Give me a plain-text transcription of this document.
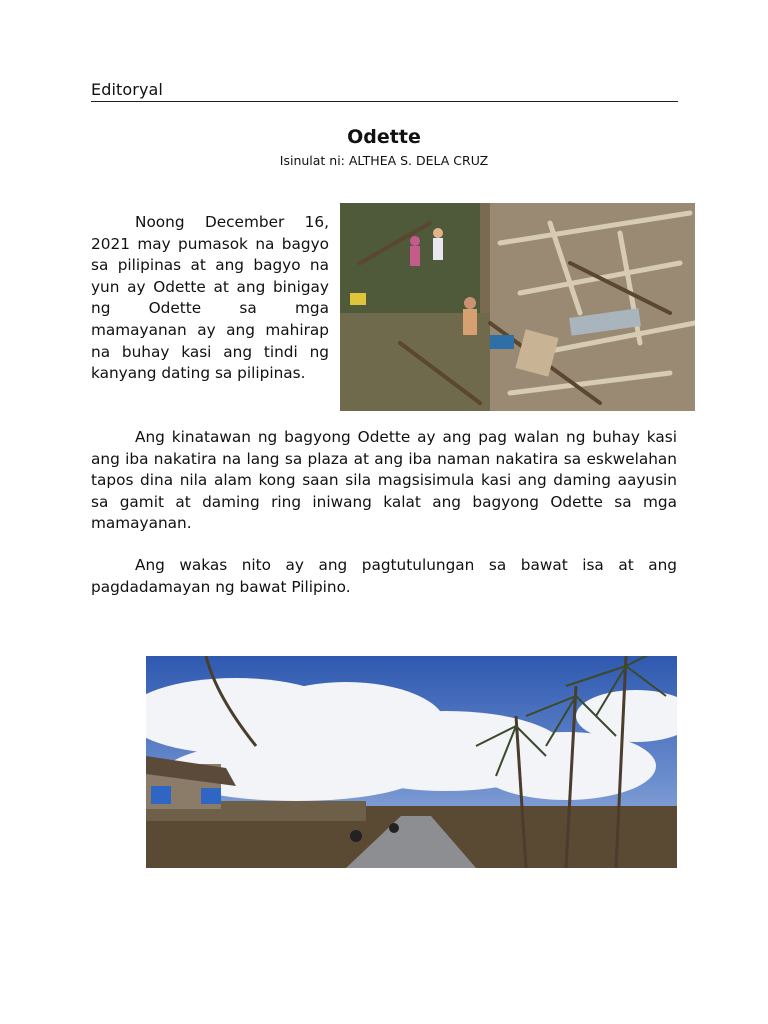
Editoryal
Odette
Isinulat ni: ALTHEA S. DELA CRUZ

Noong December 16, 2021 may pumasok na bagyo sa pilipinas at ang bagyo na yun ay Odette at ang binigay ng Odette sa mga mamayanan ay ang mahirap na buhay kasi ang tindi ng kanyang dating sa pilipinas.

Ang kinatawan ng bagyong Odette ay ang pag walan ng buhay kasi ang iba nakatira na lang sa plaza at ang iba naman nakatira sa eskwelahan tapos dina nila alam kong saan sila magsisimula kasi ang daming aayusin sa gamit at daming ring iniwang kalat ang bagyong Odette sa mga mamayanan.

Ang wakas nito ay ang pagtutulungan sa bawat isa at ang pagdadamayan ng bawat Pilipino.
